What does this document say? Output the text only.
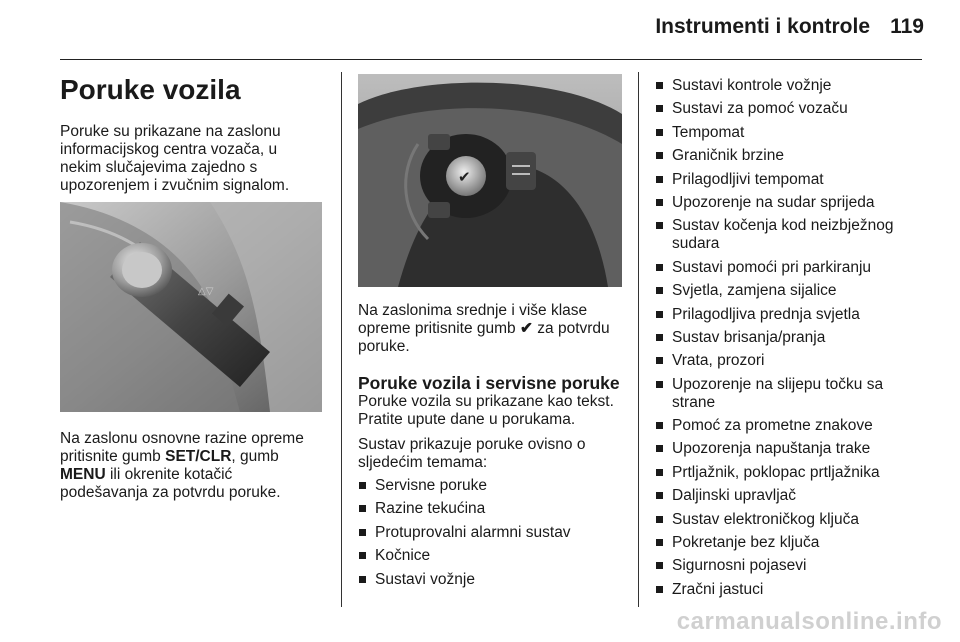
Instrumenti i kontrole 119
Poruke vozila

Poruke su prikazane na zaslonu informacijskog centra vozača, u nekim slučajevima zajedno s upozorenjem i zvučnim signalom.

△▽

Na zaslonu osnovne razine opreme pritisnite gumb SET/CLR, gumb MENU ili okrenite kotačić podešavanja za potvrdu poruke.

✔

Na zaslonima srednje i više klase opreme pritisnite gumb ✔ za potvrdu poruke.

Poruke vozila i servisne poruke

Poruke vozila su prikazane kao tekst. Pratite upute dane u porukama.

Sustav prikazuje poruke ovisno o sljedećim temama:

Servisne poruke
Razine tekućina
Protuprovalni alarmni sustav
Kočnice
Sustavi vožnje
Sustavi kontrole vožnje
Sustavi za pomoć vozaču
Tempomat
Graničnik brzine
Prilagodljivi tempomat
Upozorenje na sudar sprijeda
Sustav kočenja kod neizbježnog sudara
Sustavi pomoći pri parkiranju
Svjetla, zamjena sijalice
Prilagodljiva prednja svjetla
Sustav brisanja/pranja
Vrata, prozori
Upozorenje na slijepu točku sa strane
Pomoć za prometne znakove
Upozorenja napuštanja trake
Prtljažnik, poklopac prtljažnika
Daljinski upravljač
Sustav elektroničkog ključa
Pokretanje bez ključa
Sigurnosni pojasevi
Zračni jastuci
carmanualsonline.info
